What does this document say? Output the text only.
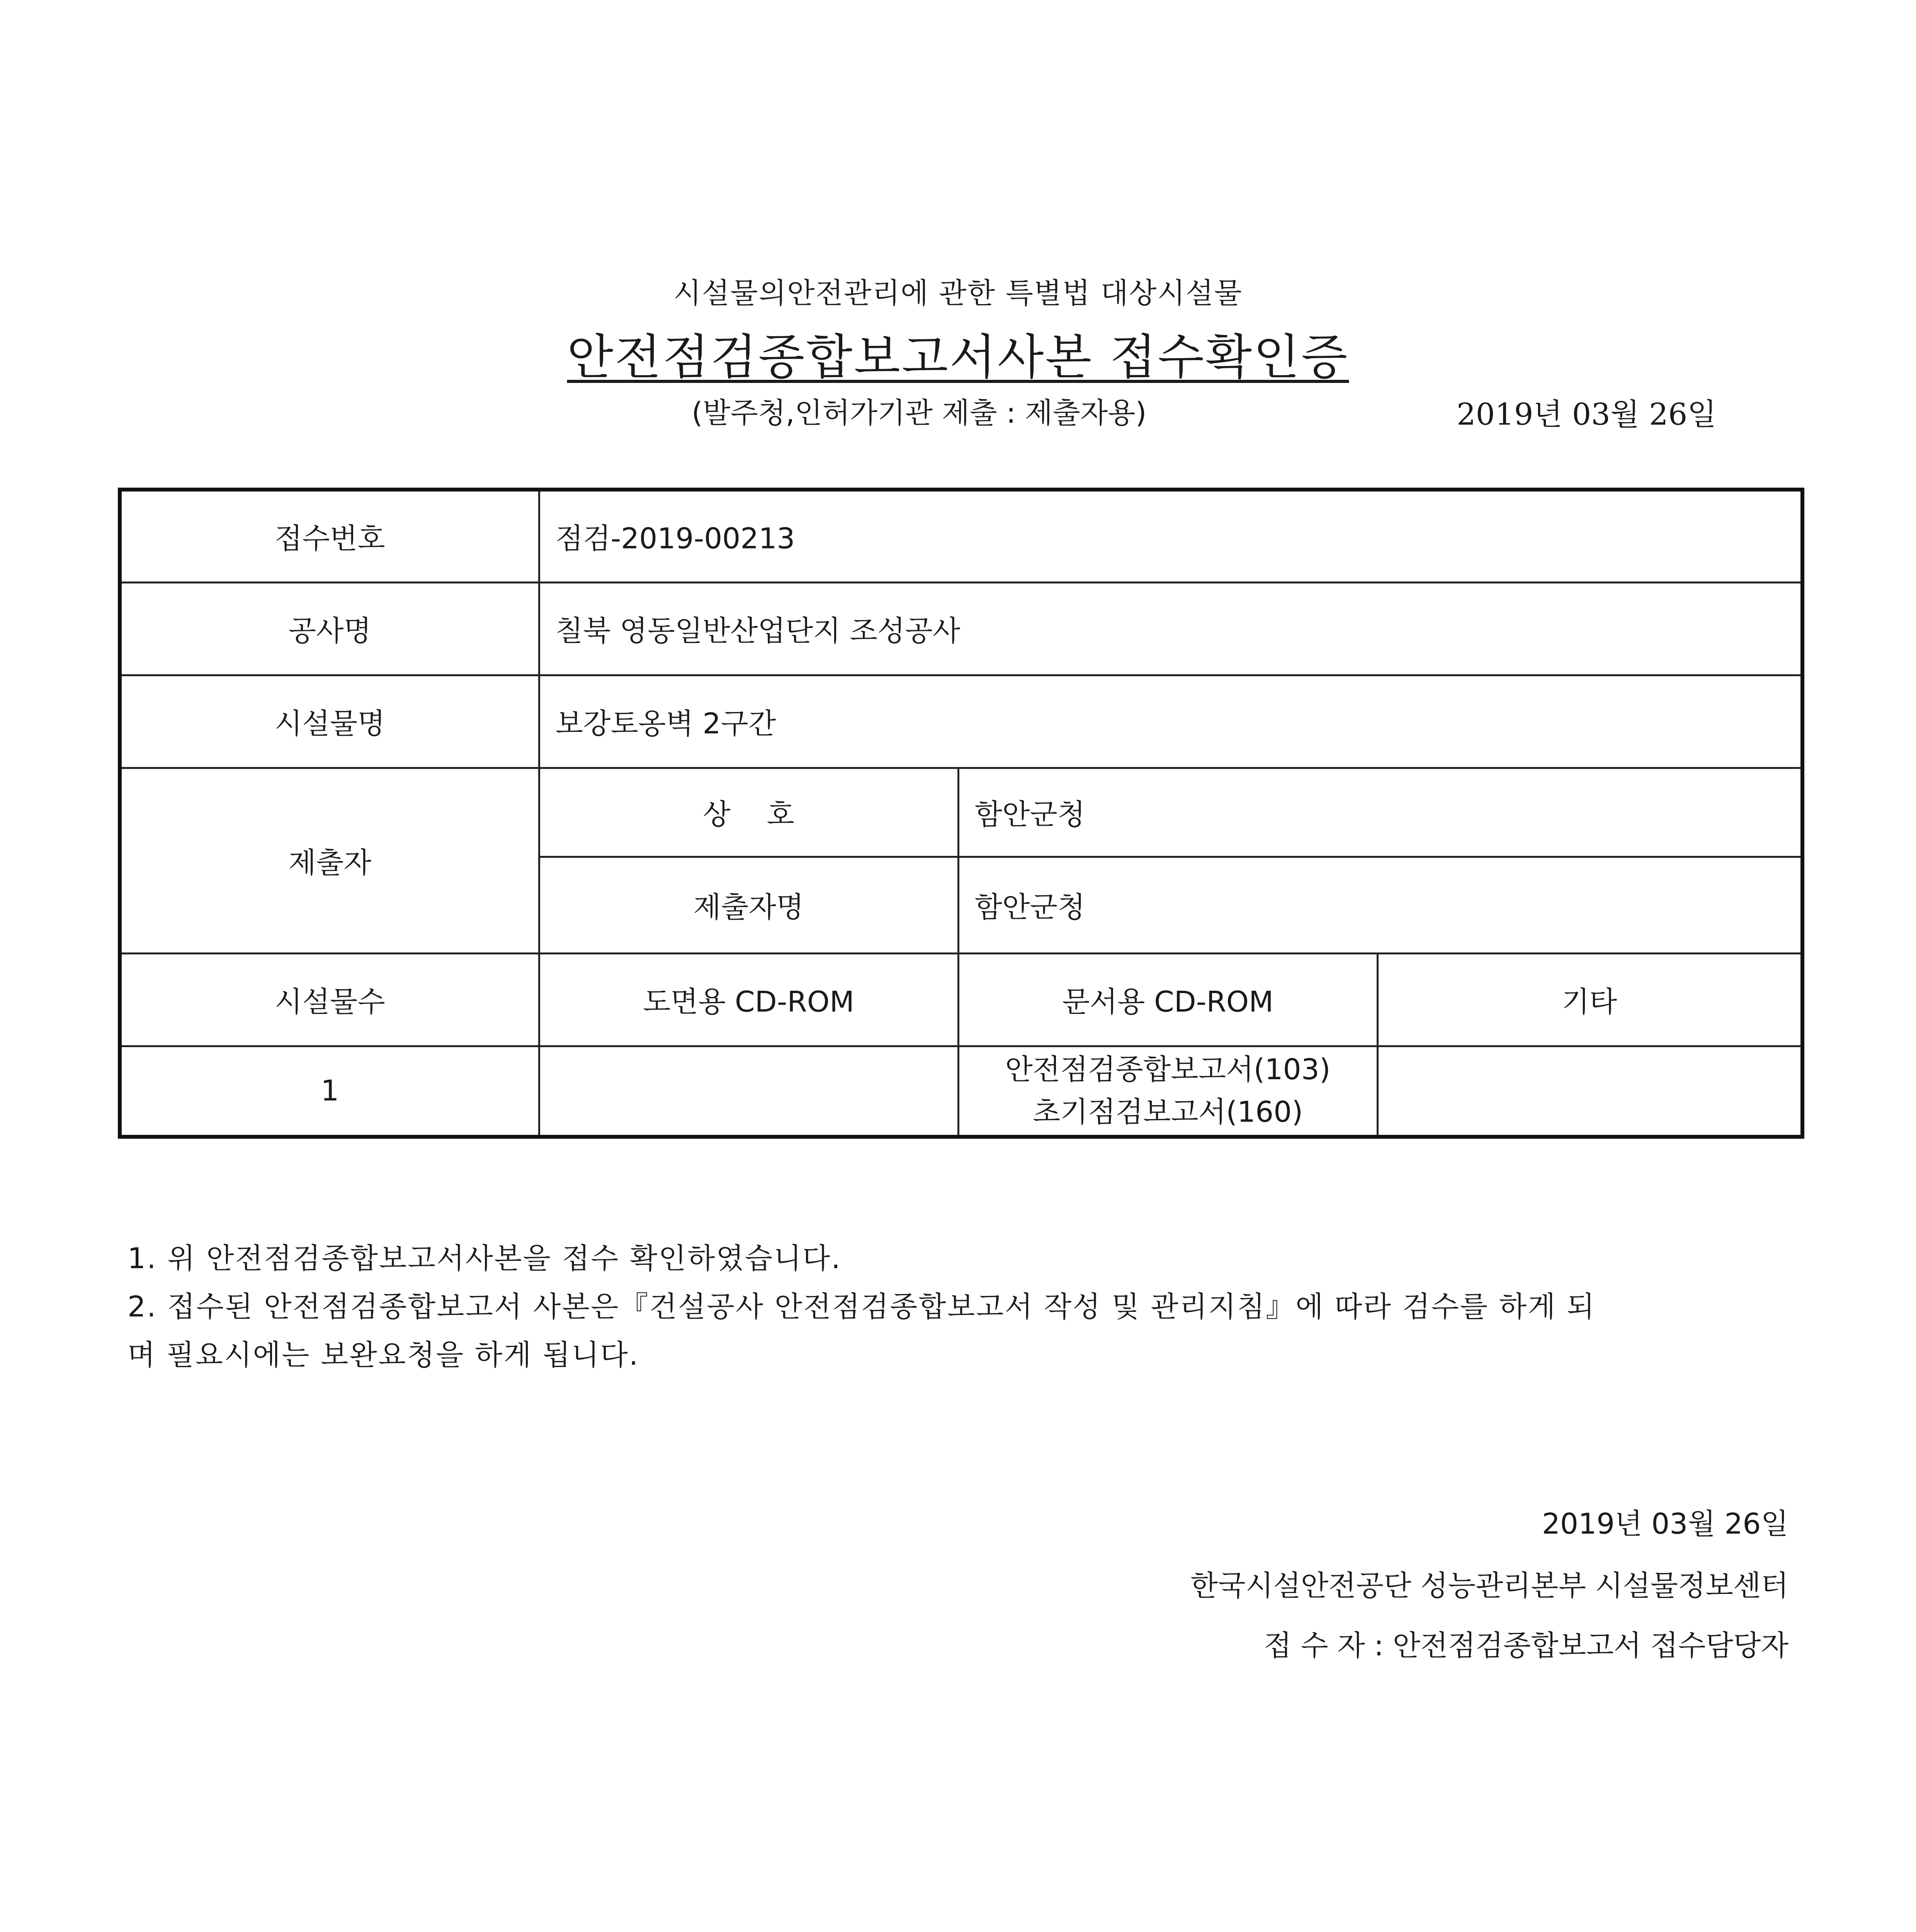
시설물의안전관리에 관한 특별법 대상시설물
안전점검종합보고서사본 접수확인증
(발주청,인허가기관 제출 : 제출자용)	2019년 03월 26일
접수번호	점검-2019-00213		
공사명	칠북 영동일반산업단지 조성공사		
시설물명	보강토옹벽 2구간		
제출자	상    호	함안군청	
	제출자명	함안군청	
시설물수	도면용 CD-ROM	문서용 CD-ROM	기타
1		안전점검종합보고서(103)
초기점검보고서(160)	

1. 위 안전점검종합보고서사본을 접수 확인하였습니다.
2. 접수된 안전점검종합보고서 사본은『건설공사 안전점검종합보고서 작성 및 관리지침』에 따라 검수를 하게 되
며 필요시에는 보완요청을 하게 됩니다.
2019년 03월 26일
한국시설안전공단 성능관리본부 시설물정보센터
접 수 자 : 안전점검종합보고서 접수담당자
